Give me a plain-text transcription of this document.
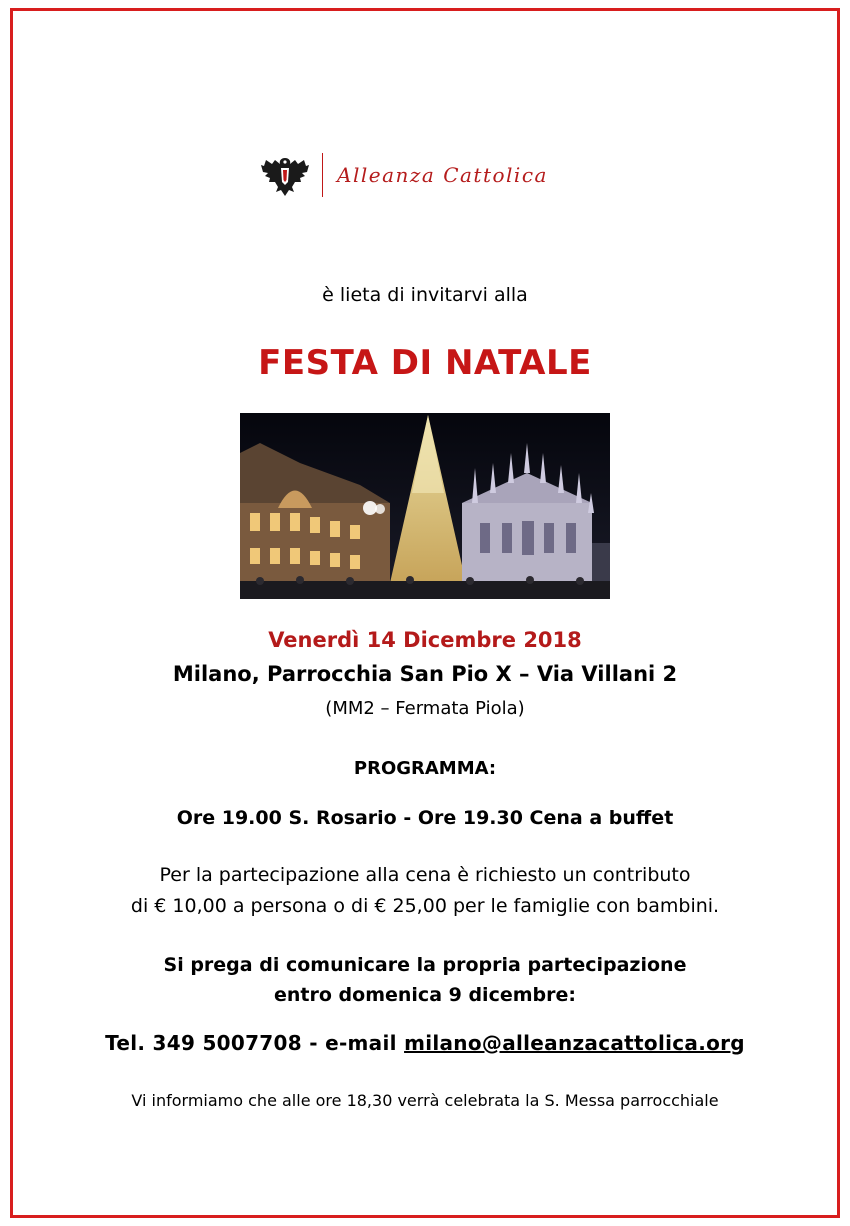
Alleanza Cattolica
è lieta di invitarvi alla
FESTA DI NATALE
Venerdì 14 Dicembre 2018
Milano, Parrocchia San Pio X – Via Villani 2
(MM2 – Fermata Piola)
PROGRAMMA:
Ore 19.00 S. Rosario - Ore 19.30 Cena a buffet
Per la partecipazione alla cena è richiesto un contributo
di € 10,00 a persona o di € 25,00 per le famiglie con bambini.
Si prega di comunicare la propria partecipazione
entro domenica 9 dicembre:
Tel. 349 5007708 - e-mail milano@alleanzacattolica.org
Vi informiamo che alle ore 18,30 verrà celebrata la S. Messa parrocchiale
